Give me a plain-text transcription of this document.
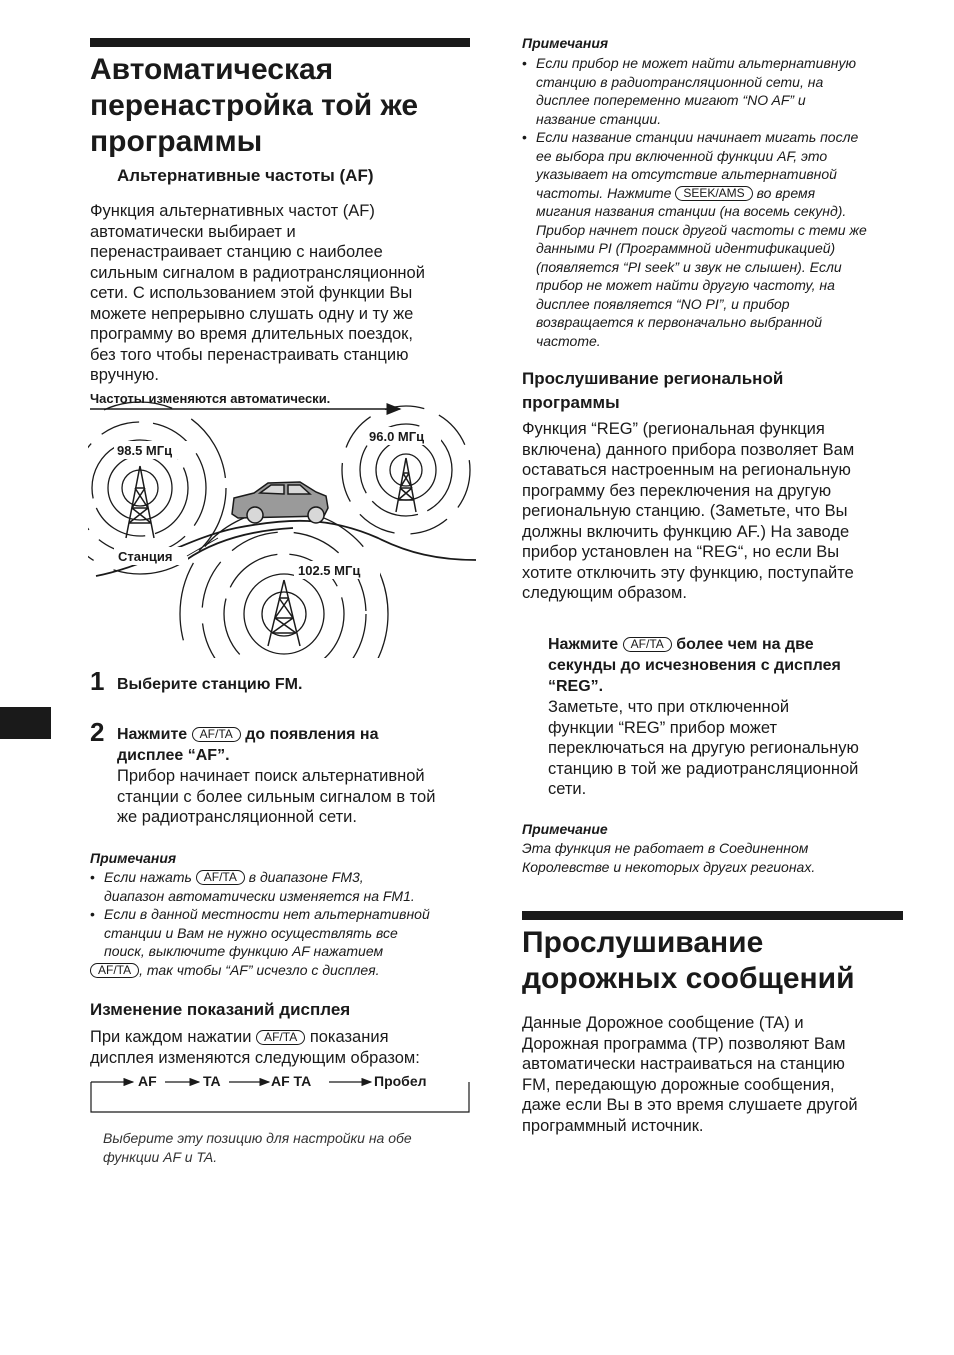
Автоматическая
перенастройка той же
программы
Альтернативные частоты (AF)
Функция альтернативных частот (AF)
автоматически выбирает и
перенастраивает станцию с наиболее
сильным сигналом в радиотрансляционной
сети. С использованием этой функции Вы
можете непрерывно слушать одну и ту же
программу во время длительных поездок,
без того чтобы перенастраивать станцию
вручную.
Частоты изменяются автоматически.
98.5 МГц
96.0 МГц
102.5 МГц
Станция
1 Выберите станцию FM.
2 Нажмите AF/TA до появления на
дисплее “AF”.
Прибор начинает поиск альтернативной
станции с более сильным сигналом в той
же радиотрансляционной сети.
Примечания
• Если нажать AF/TA в диапазоне FM3,
диапазон автоматически изменяется на FM1.
• Если в данной местности нет альтернативной
станции и Вам не нужно осуществлять все
поиск, выключите функцию AF нажатием
AF/TA , так чтобы “AF” исчезло с дисплея.
Изменение показаний дисплея
При каждом нажатии AF/TA показания
дисплея изменяются следующим образом:
AF	TA	AF TA	Пробел
Выберите эту позицию для настройки на обе
функции AF и TA.
Примечания
• Если прибор не может найти альтернативную
станцию в радиотрансляционной сети, на
дисплее попеременно мигают “NO AF” и
название станции.
• Если название станции начинает мигать после
ее выбора при включенной функции AF, это
указывает на отсутствие альтернативной
частоты. Нажмите SEEK/AMS во время
мигания названия станции (на восемь секунд).
Прибор начнет поиск другой частоты с теми же
данными PI (Программной идентификацией)
(появляется “PI seek” и звук не слышен). Если
прибор не может найти другую частоту, на
дисплее появляется “NO PI”, и прибор
возвращается к первоначально выбранной
частоте.
Прослушивание региональной
программы
Функция “REG” (региональная функция
включена) данного прибора позволяет Вам
оставаться настроенным на региональную
программу без переключения на другую
региональную станцию. (Заметьте, что Вы
должны включить функцию AF.) На заводе
прибор установлен на “REG“, но если Вы
хотите отключить эту функцию, поступайте
следующим образом.
Нажмите AF/TA более чем на две
секунды до исчезновения с дисплея
“REG”.
Заметьте, что при отключенной
функции “REG” прибор может
переключаться на другую региональную
станцию в той же радиотрансляционной
сети.
Примечание
Эта функция не работает в Соединенном
Королевстве и некоторых других регионах.
Прослушивание
дорожных сообщений
Данные Дорожное сообщение (TA) и
Дорожная программа (TP) позволяют Вам
автоматически настраиваться на станцию
FM, передающую дорожные сообщения,
даже если Вы в это время слушаете другой
программный источник.
